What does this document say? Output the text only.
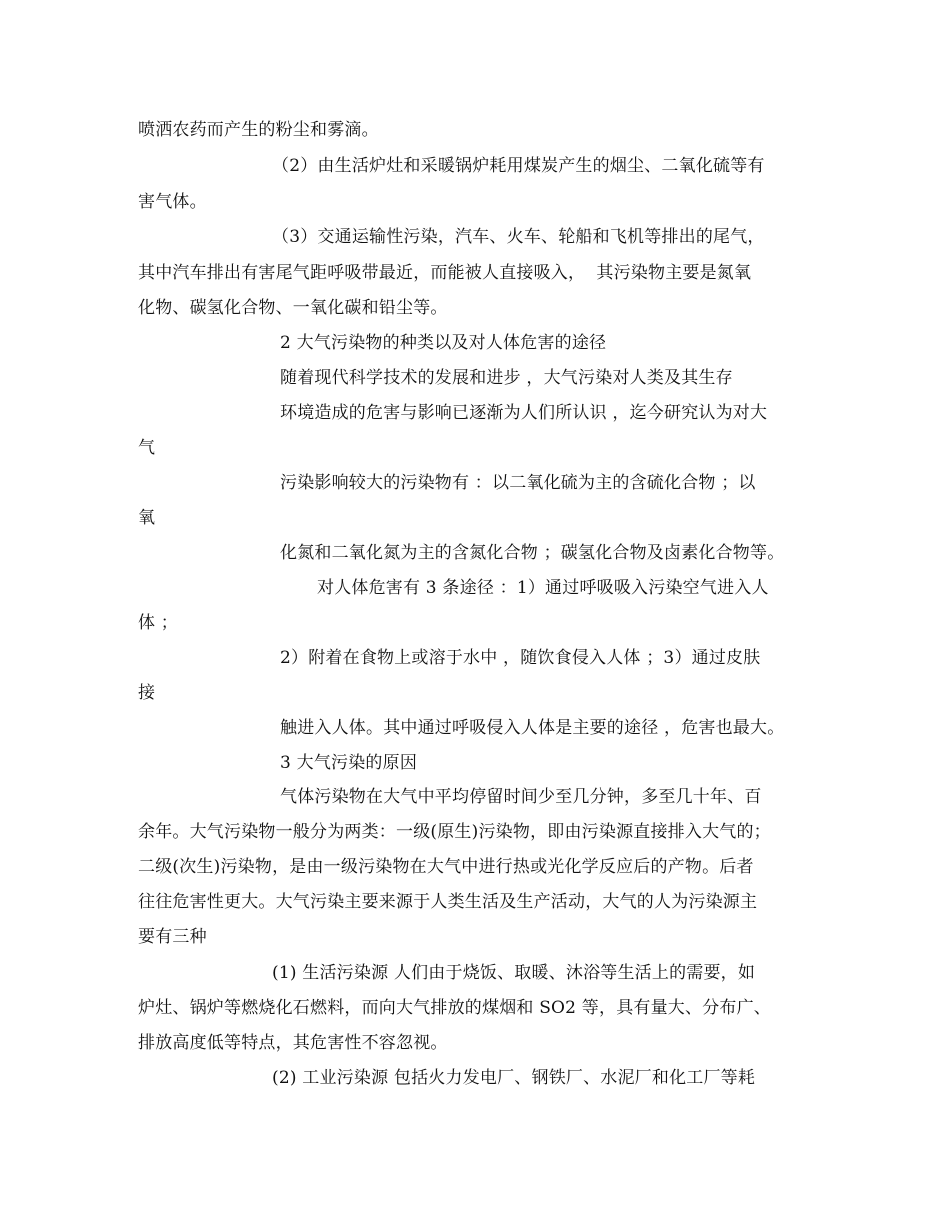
喷洒农药而产生的粉尘和雾滴。
（2）由生活炉灶和采暖锅炉耗用煤炭产生的烟尘、二氧化硫等有
害气体。
（3）交通运输性污染，汽车、火车、轮船和飞机等排出的尾气，
其中汽车排出有害尾气距呼吸带最近，而能被人直接吸入，  其污染物主要是氮氧
化物、碳氢化合物、一氧化碳和铅尘等。
2 大气污染物的种类以及对人体危害的途径
随着现代科学技术的发展和进步 ，大气污染对人类及其生存
环境造成的危害与影响已逐渐为人们所认识 ，迄今研究认为对大
气
污染影响较大的污染物有 ：以二氧化硫为主的含硫化合物 ；以
氧
化氮和二氧化氮为主的含氮化合物 ；碳氢化合物及卤素化合物等。
对人体危害有 3 条途径 ：1）通过呼吸吸入污染空气进入人
体 ；
2）附着在食物上或溶于水中 ，随饮食侵入人体 ；3）通过皮肤
接
触进入人体。其中通过呼吸侵入人体是主要的途径 ，危害也最大。
3 大气污染的原因
气体污染物在大气中平均停留时间少至几分钟，多至几十年、百
余年。大气污染物一般分为两类：一级(原生)污染物，即由污染源直接排入大气的；
二级(次生)污染物，是由一级污染物在大气中进行热或光化学反应后的产物。后者
往往危害性更大。大气污染主要来源于人类生活及生产活动，大气的人为污染源主
要有三种
(1) 生活污染源 人们由于烧饭、取暖、沐浴等生活上的需要，如
炉灶、锅炉等燃烧化石燃料，而向大气排放的煤烟和 SO2 等，具有量大、分布广、
排放高度低等特点，其危害性不容忽视。
(2) 工业污染源 包括火力发电厂、钢铁厂、水泥厂和化工厂等耗
